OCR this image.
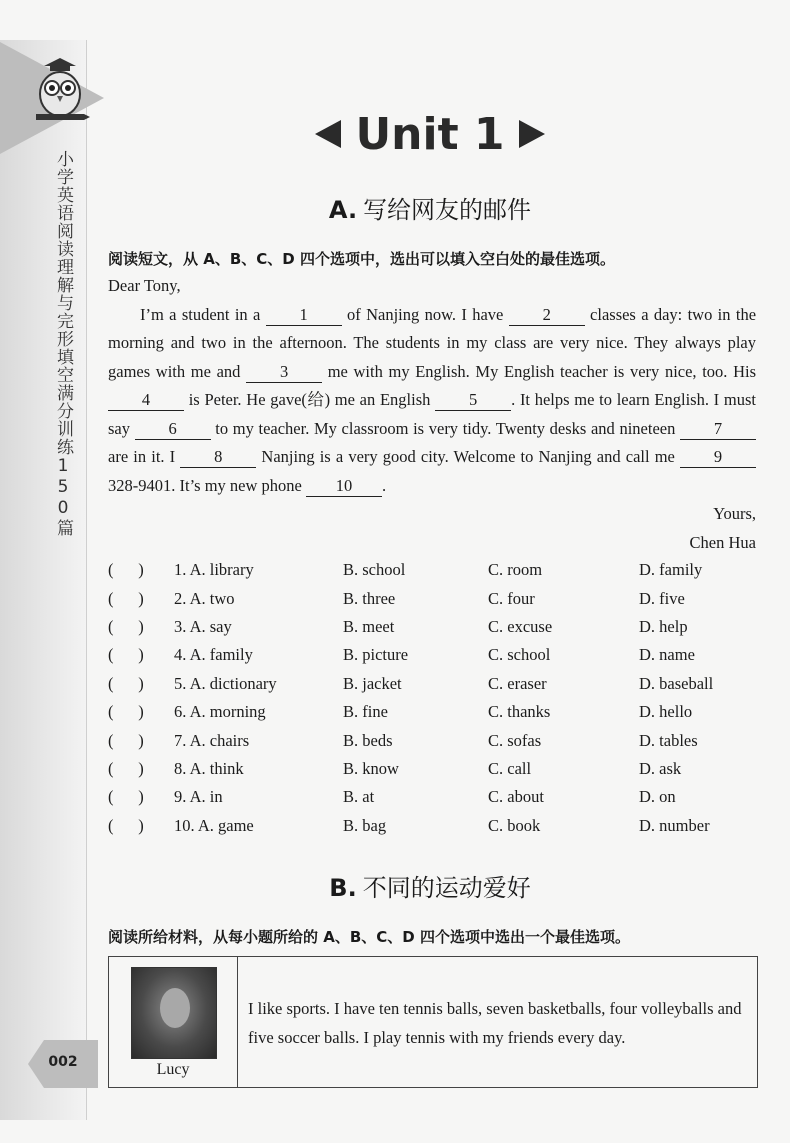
小学英语阅读理解与完形填空满分训练150篇
002
Unit 1
A. 写给网友的邮件
阅读短文，从 A、B、C、D 四个选项中，选出可以填入空白处的最佳选项。
Dear Tony,

I’m a student in a 1 of Nanjing now. I have 2 classes a day: two in the morning and two in the afternoon. The students in my class are very nice. They always play games with me and 3 me with my English. My English teacher is very nice, too. His 4 is Peter. He gave(给) me an English 5 . It helps me to learn English. I must say 6 to my teacher. My classroom is very tidy. Twenty desks and nineteen 7 are in it. I 8 Nanjing is a very good city. Welcome to Nanjing and call me 9 328-9401. It’s my new phone 10 .

Yours,
Chen Hua
(      )	1. A. library	B. school	C. room	D. family
(      )	2. A. two	B. three	C. four	D. five
(      )	3. A. say	B. meet	C. excuse	D. help
(      )	4. A. family	B. picture	C. school	D. name
(      )	5. A. dictionary	B. jacket	C. eraser	D. baseball
(      )	6. A. morning	B. fine	C. thanks	D. hello
(      )	7. A. chairs	B. beds	C. sofas	D. tables
(      )	8. A. think	B. know	C. call	D. ask
(      )	9. A. in	B. at	C. about	D. on
(      )	10. A. game	B. bag	C. book	D. number
B. 不同的运动爱好
阅读所给材料，从每小题所给的 A、B、C、D 四个选项中选出一个最佳选项。
Lucy
I like sports. I have ten tennis balls, seven basketballs, four volleyballs and five soccer balls. I play tennis with my friends every day.
